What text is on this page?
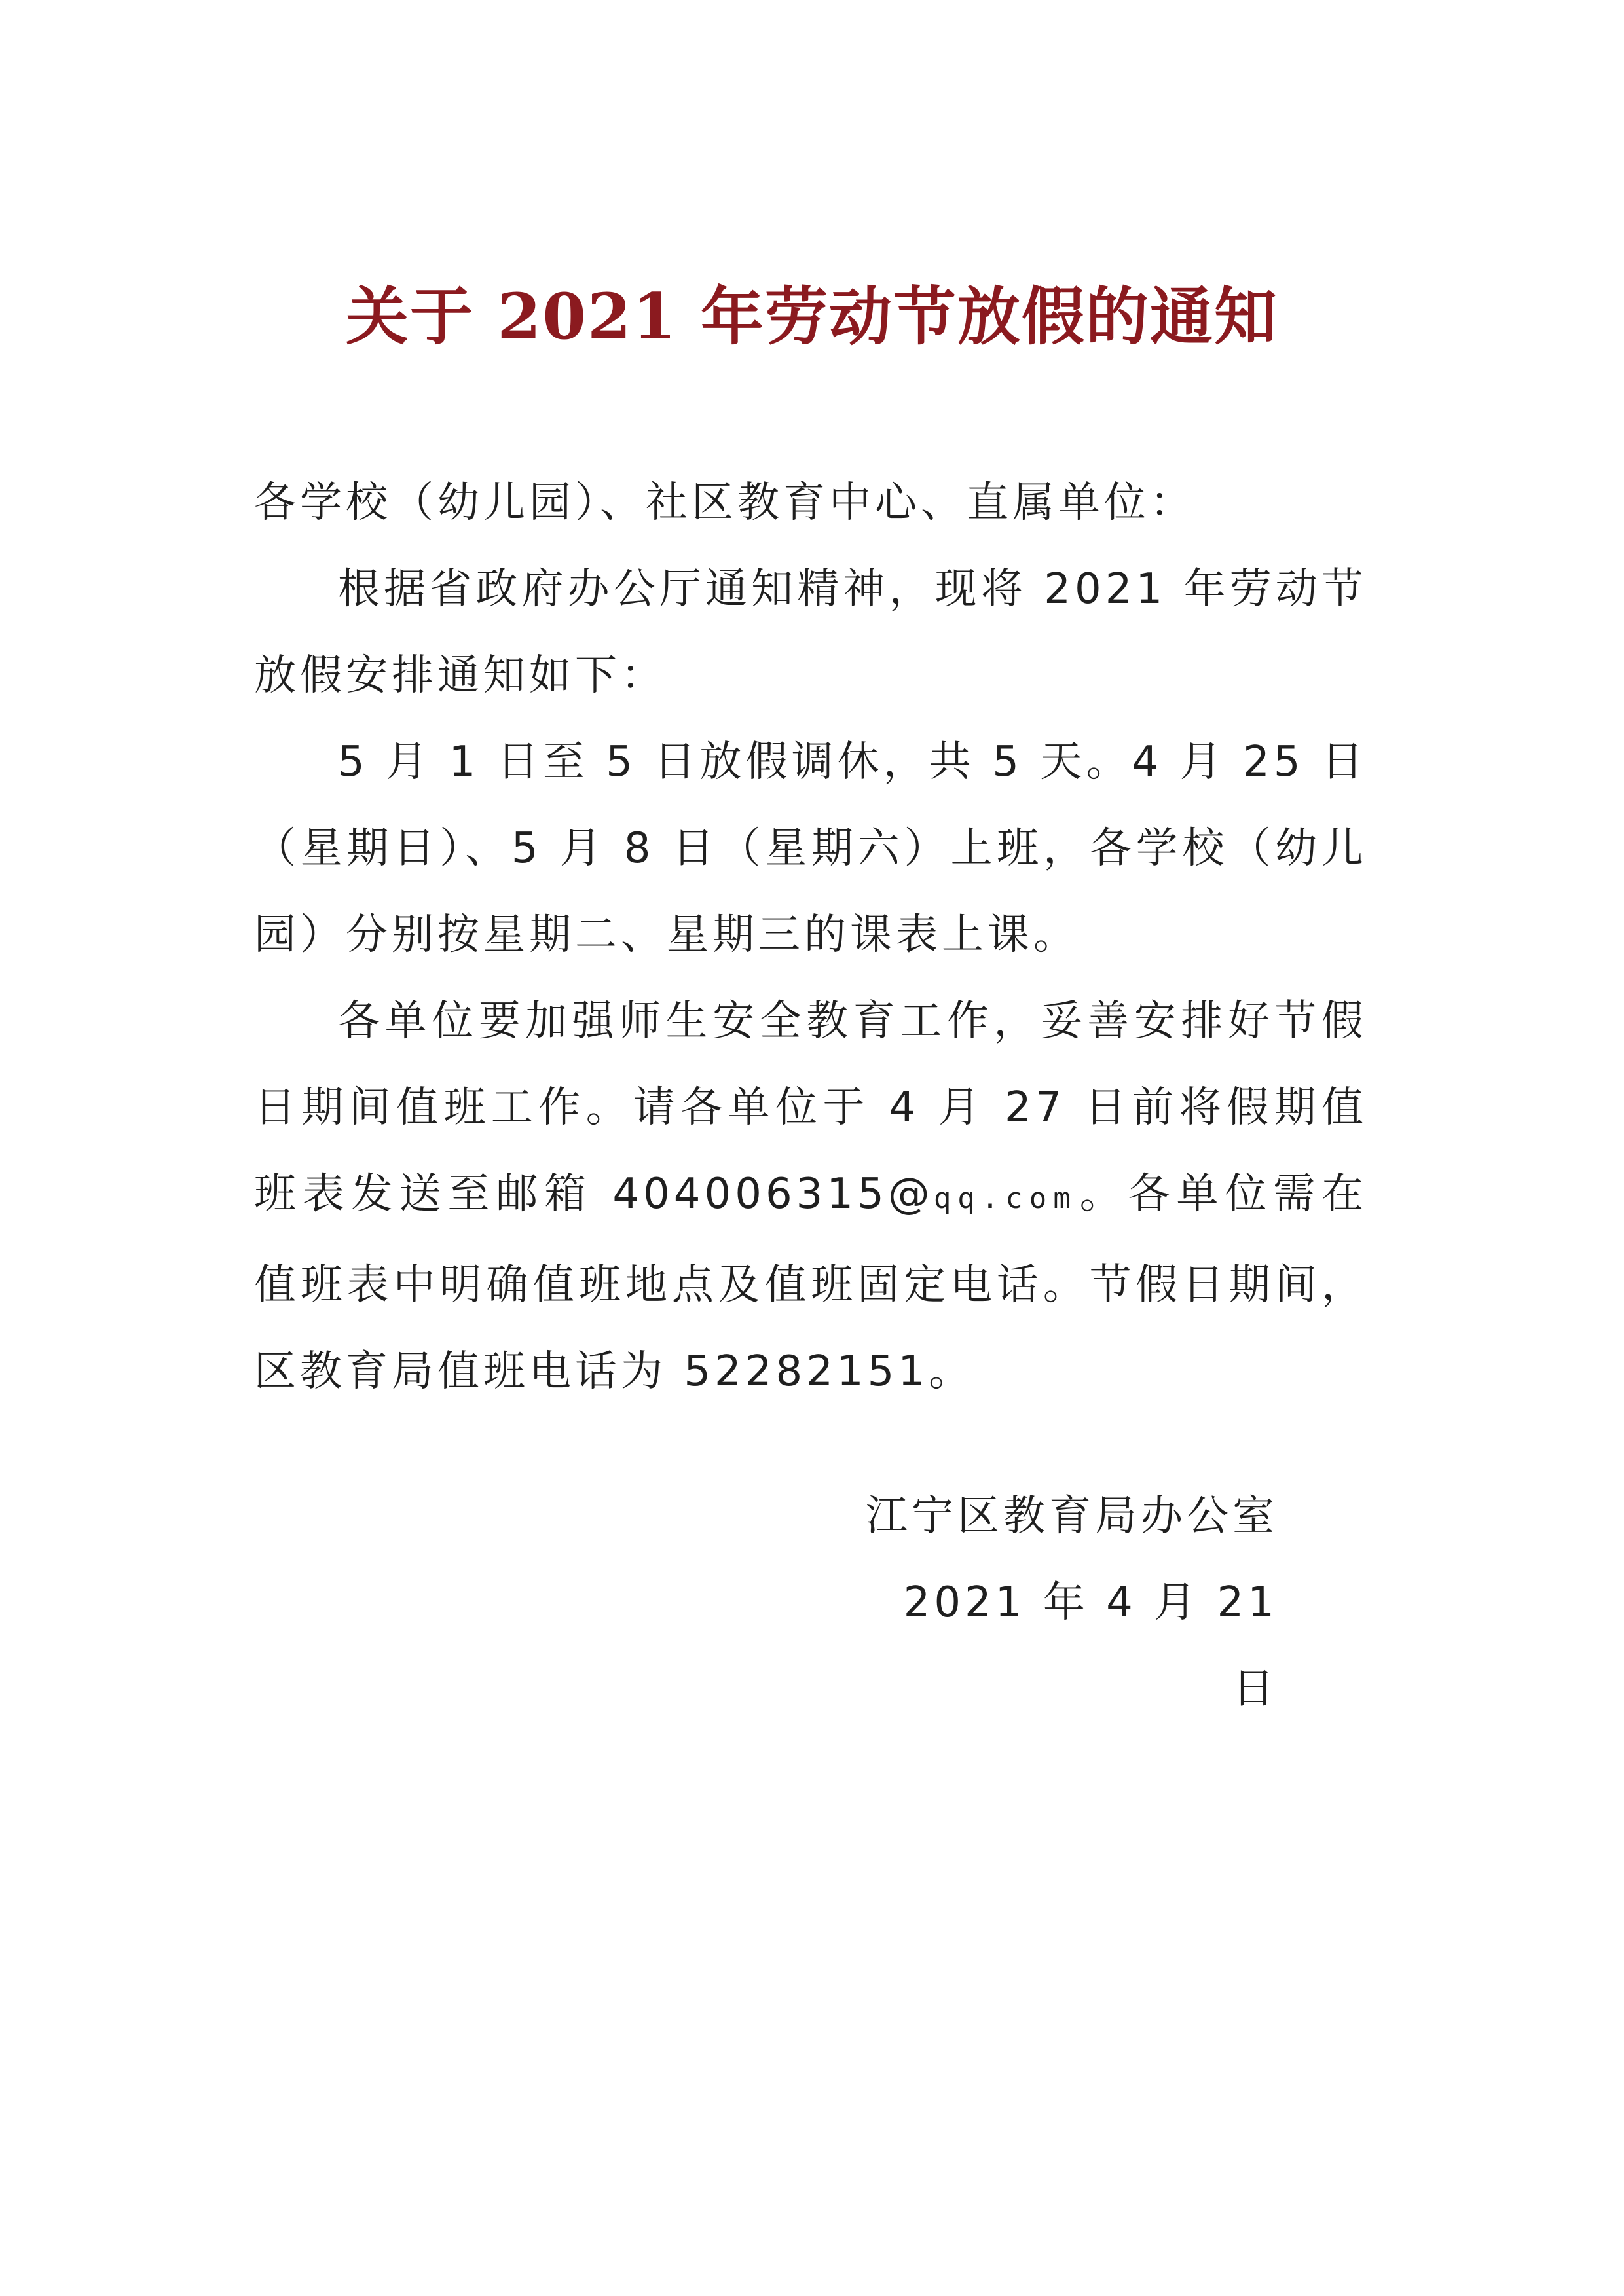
关于 2021 年劳动节放假的通知

各学校（幼儿园）、社区教育中心、直属单位：

根据省政府办公厅通知精神，现将 2021 年劳动节放假安排通知如下：

5 月 1 日至 5 日放假调休，共 5 天。4 月 25 日（星期日）、5 月 8 日（星期六）上班，各学校（幼儿园）分别按星期二、星期三的课表上课。

各单位要加强师生安全教育工作，妥善安排好节假日期间值班工作。请各单位于 4 月 27 日前将假期值班表发送至邮箱 404006315@qq.com。各单位需在值班表中明确值班地点及值班固定电话。节假日期间，区教育局值班电话为 52282151。

江宁区教育局办公室
2021 年 4 月 21 日
